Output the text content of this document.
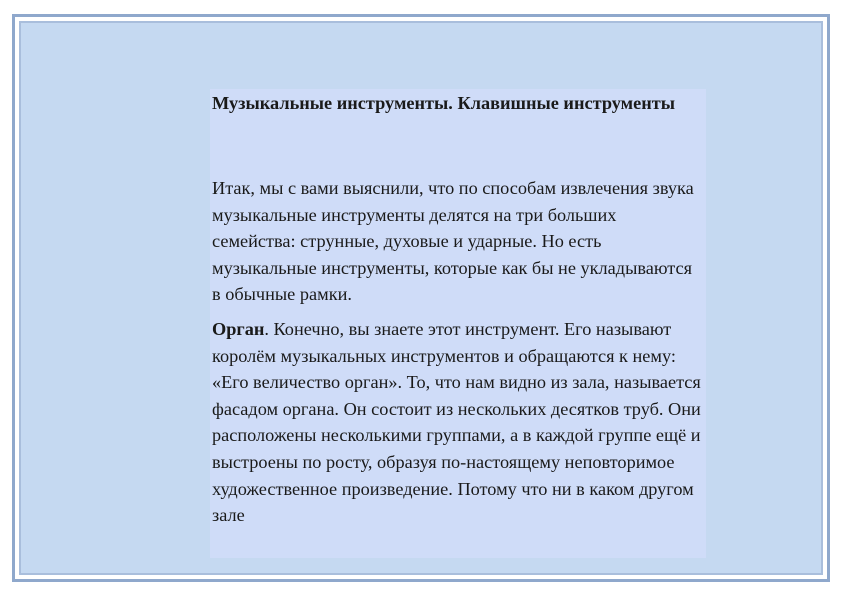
Музыкальные инструменты. Клавишные инструменты

Итак, мы с вами выяснили, что по способам извлечения звука музыкальные инструменты делятся на три больших семейства: струнные, духовые и ударные. Но есть музыкальные инструменты, которые как бы не укладываются в обычные рамки.

Орган. Конечно, вы знаете этот инструмент. Его называют королём музыкальных инструментов и обращаются к нему: «Его величество орган». То, что нам видно из зала, называется фасадом органа. Он состоит из нескольких десятков труб. Они расположены несколькими группами, а в каждой группе ещё и выстроены по росту, образуя по-настоящему неповторимое художественное произведение. Потому что ни в каком другом зале
